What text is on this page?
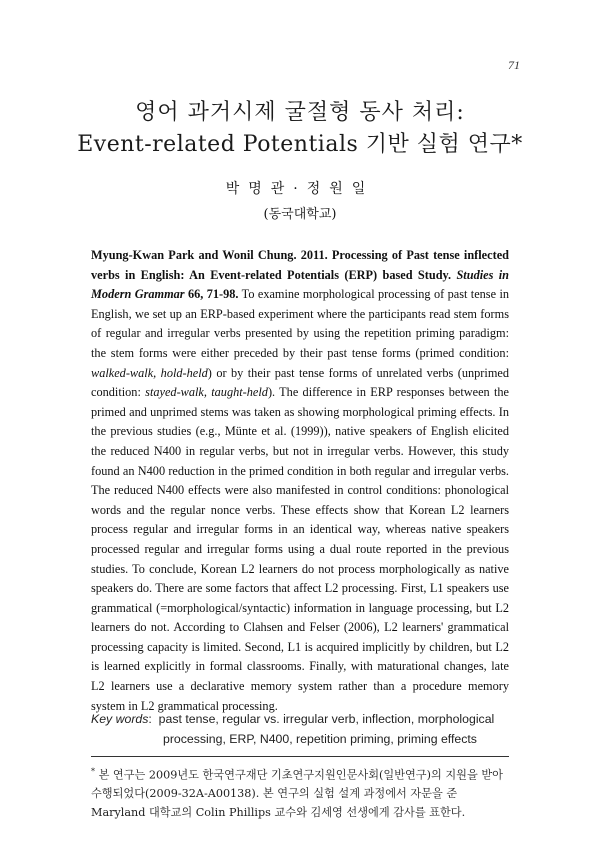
71
영어 과거시제 굴절형 동사 처리:
Event-related Potentials 기반 실험 연구*
박명관·정원일
(동국대학교)

Myung-Kwan Park and Wonil Chung. 2011. Processing of Past tense inflected verbs in English: An Event-related Potentials (ERP) based Study. Studies in Modern Grammar 66, 71-98. To examine morphological processing of past tense in English, we set up an ERP-based experiment where the participants read stem forms of regular and irregular verbs presented by using the repetition priming paradigm: the stem forms were either preceded by their past tense forms (primed condition: walked-walk, hold-held) or by their past tense forms of unrelated verbs (unprimed condition: stayed-walk, taught-held). The difference in ERP responses between the primed and unprimed stems was taken as showing morphological priming effects. In the previous studies (e.g., Münte et al. (1999)), native speakers of English elicited the reduced N400 in regular verbs, but not in irregular verbs. However, this study found an N400 reduction in the primed condition in both regular and irregular verbs. The reduced N400 effects were also manifested in control conditions: phonological words and the regular nonce verbs. These effects show that Korean L2 learners process regular and irregular forms in an identical way, whereas native speakers processed regular and irregular forms using a dual route reported in the previous studies. To conclude, Korean L2 learners do not process morphologically as native speakers do. There are some factors that affect L2 processing. First, L1 speakers use grammatical (=morphological/syntactic) information in language processing, but L2 learners do not. According to Clahsen and Felser (2006), L2 learners' grammatical processing capacity is limited. Second, L1 is acquired implicitly by children, but L2 is learned explicitly in formal classrooms. Finally, with maturational changes, late L2 learners use a declarative memory system rather than a procedure memory system in L2 grammatical processing.

Key words : past tense, regular vs. irregular verb, inflection, morphological
processing, ERP, N400, repetition priming, priming effects

* 본 연구는 2009년도 한국연구재단 기초연구지원인문사회(일반연구)의 지원을 받아 수행되었다(2009-32A-A00138). 본 연구의 실험 설계 과정에서 자문을 준 Maryland 대학교의 Colin Phillips 교수와 김세영 선생에게 감사를 표한다.
